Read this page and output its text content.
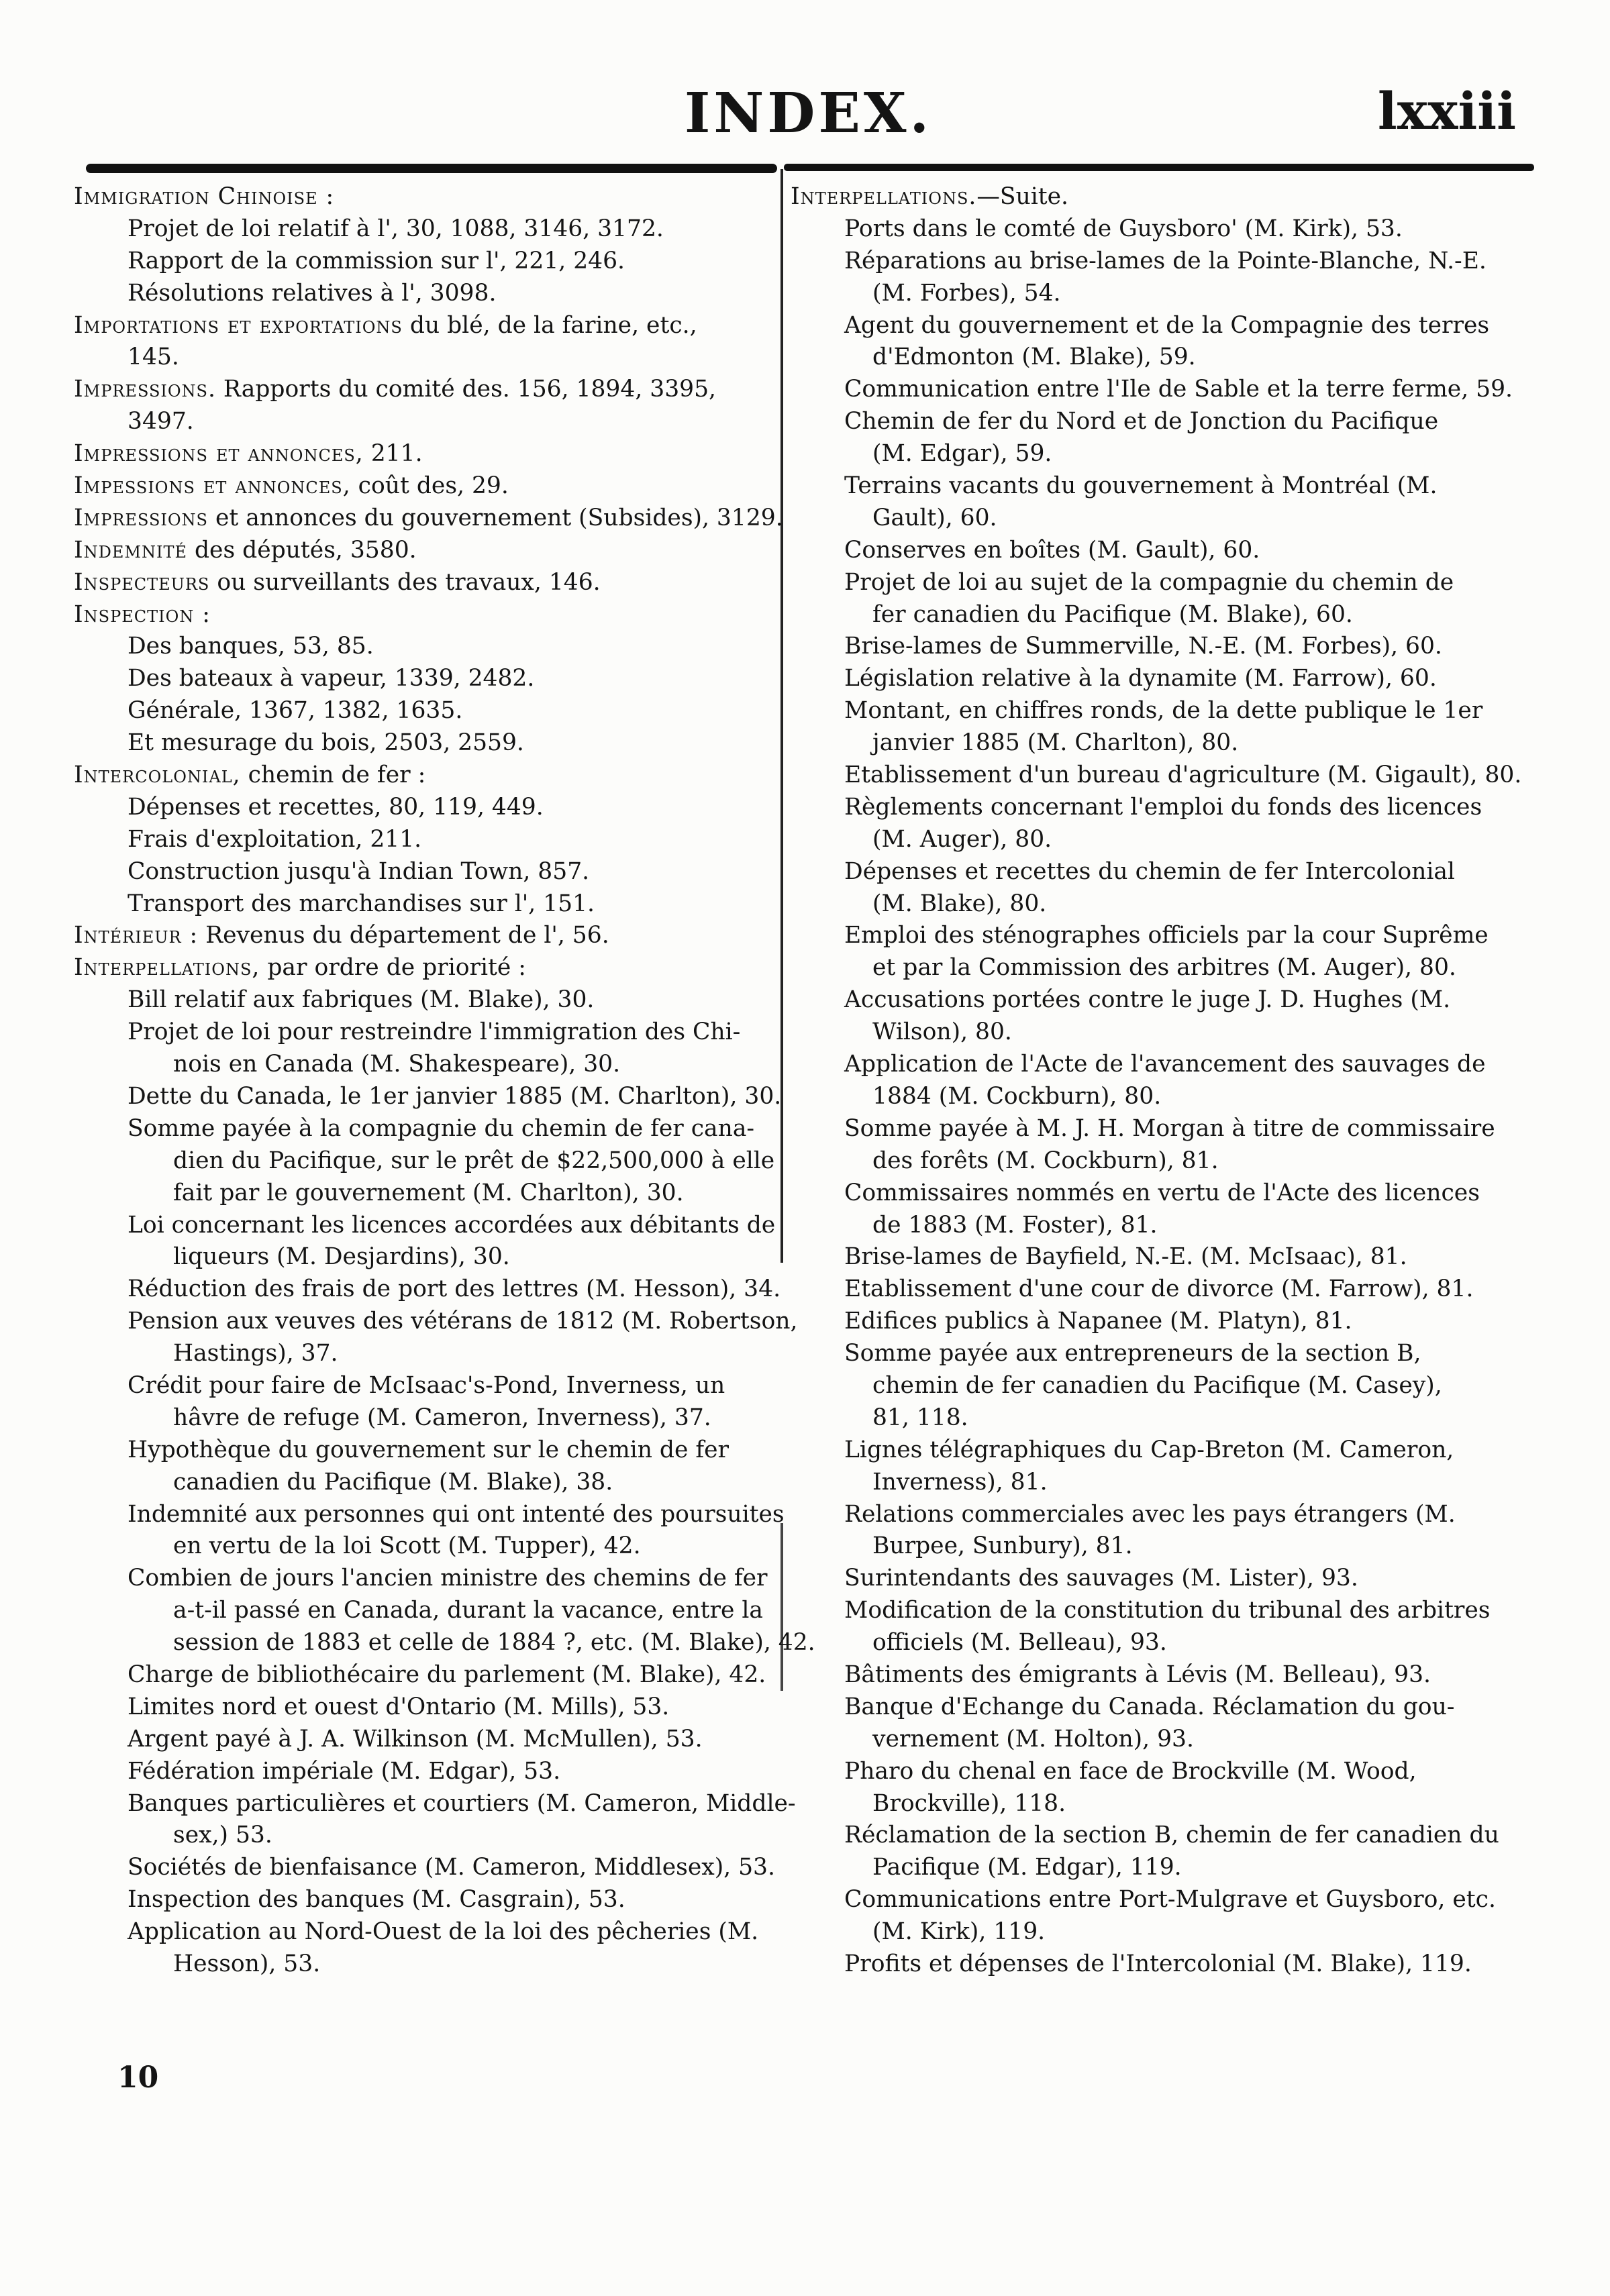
INDEX.	lxxiii
Immigration Chinoise :
Projet de loi relatif à l', 30, 1088, 3146, 3172.
Rapport de la commission sur l', 221, 246.
Résolutions relatives à l', 3098.
Importations et exportations du blé, de la farine, etc.,
145.
Impressions. Rapports du comité des. 156, 1894, 3395,
3497.
Impressions et annonces, 211.
Impessions et annonces, coût des, 29.
Impressions et annonces du gouvernement (Subsides), 3129.
Indemnité des députés, 3580.
Inspecteurs ou surveillants des travaux, 146.
Inspection :
Des banques, 53, 85.
Des bateaux à vapeur, 1339, 2482.
Générale, 1367, 1382, 1635.
Et mesurage du bois, 2503, 2559.
Intercolonial, chemin de fer :
Dépenses et recettes, 80, 119, 449.
Frais d'exploitation, 211.
Construction jusqu'à Indian Town, 857.
Transport des marchandises sur l', 151.
Intérieur : Revenus du département de l', 56.
Interpellations, par ordre de priorité :
Bill relatif aux fabriques (M. Blake), 30.
Projet de loi pour restreindre l'immigration des Chi-
nois en Canada (M. Shakespeare), 30.
Dette du Canada, le 1er janvier 1885 (M. Charlton), 30.
Somme payée à la compagnie du chemin de fer cana-
dien du Pacifique, sur le prêt de $22,500,000 à elle
fait par le gouvernement (M. Charlton), 30.
Loi concernant les licences accordées aux débitants de
liqueurs (M. Desjardins), 30.
Réduction des frais de port des lettres (M. Hesson), 34.
Pension aux veuves des vétérans de 1812 (M. Robertson,
Hastings), 37.
Crédit pour faire de McIsaac's-Pond, Inverness, un
hâvre de refuge (M. Cameron, Inverness), 37.
Hypothèque du gouvernement sur le chemin de fer
canadien du Pacifique (M. Blake), 38.
Indemnité aux personnes qui ont intenté des poursuites
en vertu de la loi Scott (M. Tupper), 42.
Combien de jours l'ancien ministre des chemins de fer
a-t-il passé en Canada, durant la vacance, entre la
session de 1883 et celle de 1884 ?, etc. (M. Blake), 42.
Charge de bibliothécaire du parlement (M. Blake), 42.
Limites nord et ouest d'Ontario (M. Mills), 53.
Argent payé à J. A. Wilkinson (M. McMullen), 53.
Fédération impériale (M. Edgar), 53.
Banques particulières et courtiers (M. Cameron, Middle-
sex,) 53.
Sociétés de bienfaisance (M. Cameron, Middlesex), 53.
Inspection des banques (M. Casgrain), 53.
Application au Nord-Ouest de la loi des pêcheries (M.
Hesson), 53.
Interpellations.—Suite.
Ports dans le comté de Guysboro' (M. Kirk), 53.
Réparations au brise-lames de la Pointe-Blanche, N.-E.
(M. Forbes), 54.
Agent du gouvernement et de la Compagnie des terres
d'Edmonton (M. Blake), 59.
Communication entre l'Ile de Sable et la terre ferme, 59.
Chemin de fer du Nord et de Jonction du Pacifique
(M. Edgar), 59.
Terrains vacants du gouvernement à Montréal (M.
Gault), 60.
Conserves en boîtes (M. Gault), 60.
Projet de loi au sujet de la compagnie du chemin de
fer canadien du Pacifique (M. Blake), 60.
Brise-lames de Summerville, N.-E. (M. Forbes), 60.
Législation relative à la dynamite (M. Farrow), 60.
Montant, en chiffres ronds, de la dette publique le 1er
janvier 1885 (M. Charlton), 80.
Etablissement d'un bureau d'agriculture (M. Gigault), 80.
Règlements concernant l'emploi du fonds des licences
(M. Auger), 80.
Dépenses et recettes du chemin de fer Intercolonial
(M. Blake), 80.
Emploi des sténographes officiels par la cour Suprême
et par la Commission des arbitres (M. Auger), 80.
Accusations portées contre le juge J. D. Hughes (M.
Wilson), 80.
Application de l'Acte de l'avancement des sauvages de
1884 (M. Cockburn), 80.
Somme payée à M. J. H. Morgan à titre de commissaire
des forêts (M. Cockburn), 81.
Commissaires nommés en vertu de l'Acte des licences
de 1883 (M. Foster), 81.
Brise-lames de Bayfield, N.-E. (M. McIsaac), 81.
Etablissement d'une cour de divorce (M. Farrow), 81.
Edifices publics à Napanee (M. Platyn), 81.
Somme payée aux entrepreneurs de la section B,
chemin de fer canadien du Pacifique (M. Casey),
81, 118.
Lignes télégraphiques du Cap-Breton (M. Cameron,
Inverness), 81.
Relations commerciales avec les pays étrangers (M.
Burpee, Sunbury), 81.
Surintendants des sauvages (M. Lister), 93.
Modification de la constitution du tribunal des arbitres
officiels (M. Belleau), 93.
Bâtiments des émigrants à Lévis (M. Belleau), 93.
Banque d'Echange du Canada. Réclamation du gou-
vernement (M. Holton), 93.
Pharo du chenal en face de Brockville (M. Wood,
Brockville), 118.
Réclamation de la section B, chemin de fer canadien du
Pacifique (M. Edgar), 119.
Communications entre Port-Mulgrave et Guysboro, etc.
(M. Kirk), 119.
Profits et dépenses de l'Intercolonial (M. Blake), 119.
10
